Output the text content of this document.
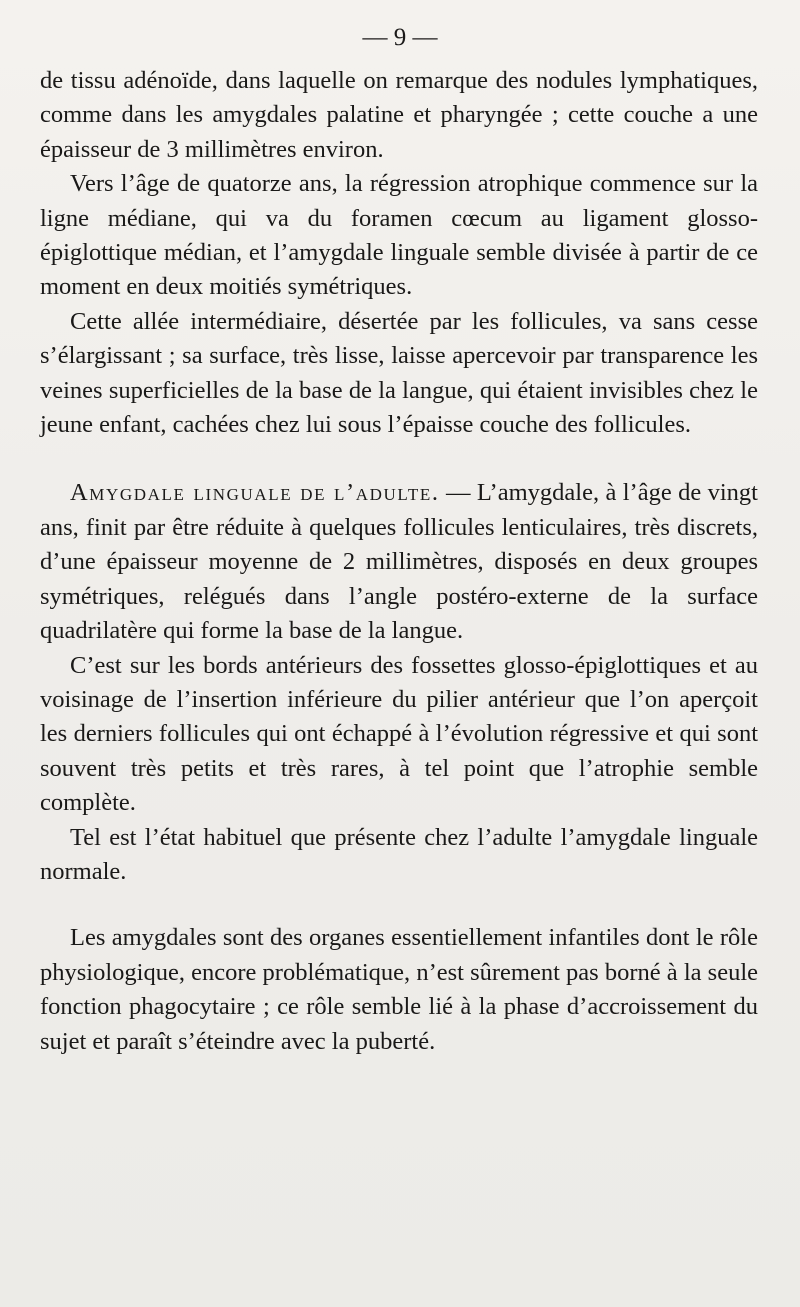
— 9 —

de tissu adénoïde, dans laquelle on remarque des nodules lymphatiques, comme dans les amygdales palatine et pharyngée ; cette couche a une épaisseur de 3 millimètres environ.

Vers l’âge de quatorze ans, la régression atrophique commence sur la ligne médiane, qui va du foramen cœcum au ligament glosso-épiglottique médian, et l’amygdale linguale semble divisée à partir de ce moment en deux moitiés symétriques.

Cette allée intermédiaire, désertée par les follicules, va sans cesse s’élargissant ; sa surface, très lisse, laisse apercevoir par transparence les veines superficielles de la base de la langue, qui étaient invisibles chez le jeune enfant, cachées chez lui sous l’épaisse couche des follicules.

Amygdale linguale de l’adulte. — L’amygdale, à l’âge de vingt ans, finit par être réduite à quelques follicules lenticulaires, très discrets, d’une épaisseur moyenne de 2 millimètres, disposés en deux groupes symétriques, relégués dans l’angle postéro-externe de la surface quadrilatère qui forme la base de la langue.

C’est sur les bords antérieurs des fossettes glosso-épiglottiques et au voisinage de l’insertion inférieure du pilier antérieur que l’on aperçoit les derniers follicules qui ont échappé à l’évolution régressive et qui sont souvent très petits et très rares, à tel point que l’atrophie semble complète.

Tel est l’état habituel que présente chez l’adulte l’amygdale linguale normale.

Les amygdales sont des organes essentiellement infantiles dont le rôle physiologique, encore problématique, n’est sûrement pas borné à la seule fonction phagocytaire ; ce rôle semble lié à la phase d’accroissement du sujet et paraît s’éteindre avec la puberté.
